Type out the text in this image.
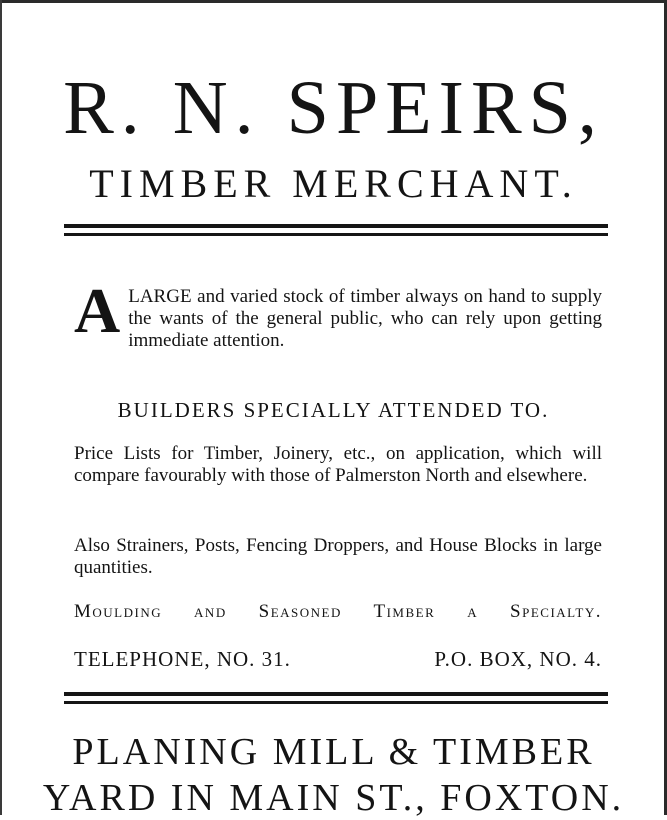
R. N. SPEIRS,
TIMBER MERCHANT.
A LARGE and varied stock of timber always on hand to supply the wants of the general public, who can rely upon getting immediate attention.
BUILDERS SPECIALLY ATTENDED TO.
Price Lists for Timber, Joinery, etc., on application, which will compare favourably with those of Palmerston North and elsewhere.
Also Strainers, Posts, Fencing Droppers, and House Blocks in large quantities.
Moulding and Seasoned Timber a Specialty.
TELEPHONE, NO. 31.	P.O. BOX, NO. 4.
PLANING MILL & TIMBER
YARD IN MAIN ST., FOXTON.
